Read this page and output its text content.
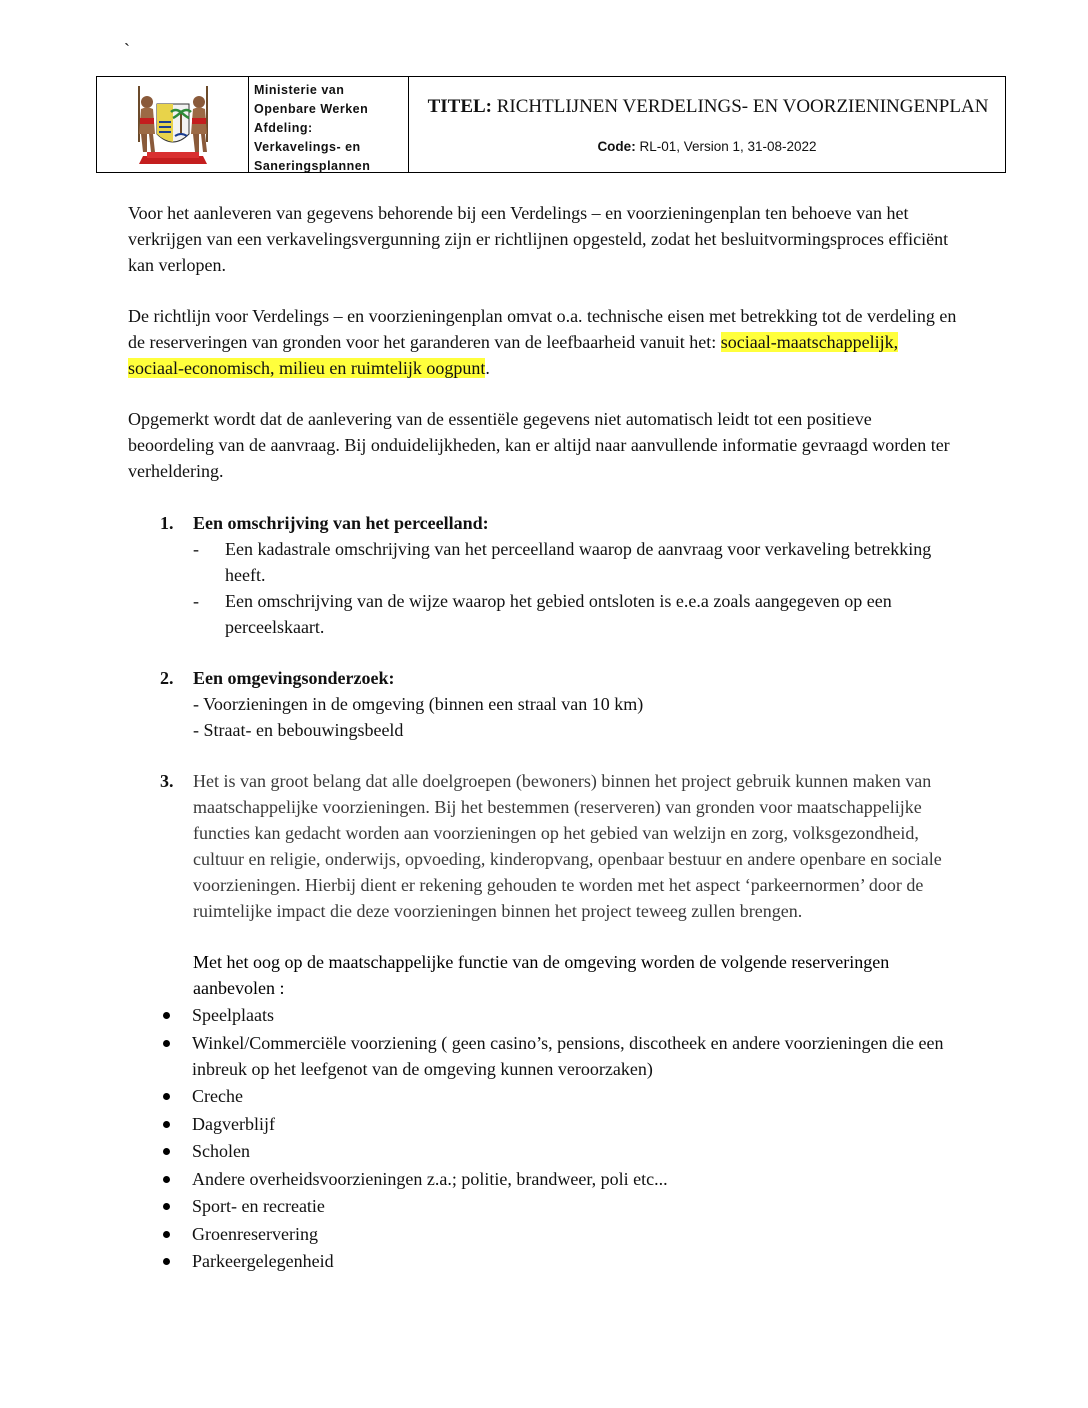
`
Ministerie van
Openbare Werken
Afdeling:
Verkavelings- en
Saneringsplannen
TITEL: RICHTLIJNEN VERDELINGS- EN VOORZIENINGENPLAN
Code: RL-01, Version 1, 31-08-2022
Voor het aanleveren van gegevens behorende bij een Verdelings – en voorzieningenplan ten behoeve van het verkrijgen van een verkavelingsvergunning zijn er richtlijnen opgesteld, zodat het besluitvormingsproces efficiënt kan verlopen.
De richtlijn voor Verdelings – en voorzieningenplan omvat o.a. technische eisen met betrekking tot de verdeling en de reserveringen van gronden voor het garanderen van de leefbaarheid vanuit het: sociaal-maatschappelijk, sociaal-economisch, milieu en ruimtelijk oogpunt.
Opgemerkt wordt dat de aanlevering van de essentiële gegevens niet automatisch leidt tot een positieve beoordeling van de aanvraag. Bij onduidelijkheden, kan er altijd naar aanvullende informatie gevraagd worden ter verheldering.
1. Een omschrijving van het perceelland:
- Een kadastrale omschrijving van het perceelland waarop de aanvraag voor verkaveling betrekking heeft.
- Een omschrijving van de wijze waarop het gebied ontsloten is e.e.a zoals aangegeven op een perceelskaart.
2. Een omgevingsonderzoek:
- Voorzieningen in de omgeving (binnen een straal van 10 km)
- Straat- en bebouwingsbeeld
3. Het is van groot belang dat alle doelgroepen (bewoners) binnen het project gebruik kunnen maken van maatschappelijke voorzieningen. Bij het bestemmen (reserveren) van gronden voor maatschappelijke functies kan gedacht worden aan voorzieningen op het gebied van welzijn en zorg, volksgezondheid, cultuur en religie, onderwijs, opvoeding, kinderopvang, openbaar bestuur en andere openbare en sociale voorzieningen. Hierbij dient er rekening gehouden te worden met het aspect ‘parkeernormen’ door de ruimtelijke impact die deze voorzieningen binnen het project teweeg zullen brengen.
Met het oog op de maatschappelijke functie van de omgeving worden de volgende reserveringen aanbevolen :
Speelplaats
Winkel/Commerciële voorziening ( geen casino’s, pensions, discotheek en andere voorzieningen die een inbreuk op het leefgenot van de omgeving kunnen veroorzaken)
Creche
Dagverblijf
Scholen
Andere overheidsvoorzieningen z.a.; politie, brandweer, poli etc...
Sport- en recreatie
Groenreservering
Parkeergelegenheid
